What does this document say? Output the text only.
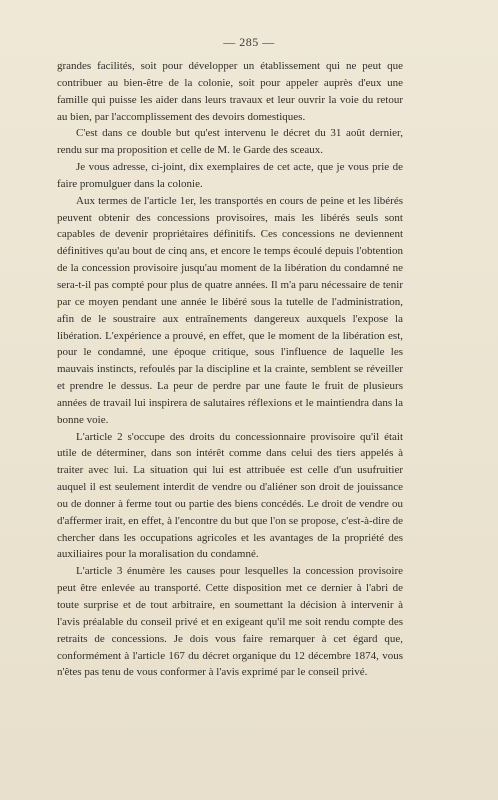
— 285 —

grandes facilités, soit pour développer un établissement qui ne peut que contribuer au bien-être de la colonie, soit pour appeler auprès d'eux une famille qui puisse les aider dans leurs travaux et leur ouvrir la voie du retour au bien, par l'accomplissement des devoirs domestiques.

C'est dans ce double but qu'est intervenu le décret du 31 août dernier, rendu sur ma proposition et celle de M. le Garde des sceaux.

Je vous adresse, ci-joint, dix exemplaires de cet acte, que je vous prie de faire promulguer dans la colonie.

Aux termes de l'article 1er, les transportés en cours de peine et les libérés peuvent obtenir des concessions provisoires, mais les libérés seuls sont capables de devenir propriétaires définitifs. Ces concessions ne deviennent définitives qu'au bout de cinq ans, et encore le temps écoulé depuis l'obtention de la concession provisoire jusqu'au moment de la libération du condamné ne sera-t-il pas compté pour plus de quatre années. Il m'a paru nécessaire de tenir par ce moyen pendant une année le libéré sous la tutelle de l'administration, afin de le soustraire aux entraînements dangereux auxquels l'expose la libération. L'expérience a prouvé, en effet, que le moment de la libération est, pour le condamné, une époque critique, sous l'influence de laquelle les mauvais instincts, refoulés par la discipline et la crainte, semblent se réveiller et prendre le dessus. La peur de perdre par une faute le fruit de plusieurs années de travail lui inspirera de salutaires réflexions et le maintiendra dans la bonne voie.

L'article 2 s'occupe des droits du concessionnaire provisoire qu'il était utile de déterminer, dans son intérêt comme dans celui des tiers appelés à traiter avec lui. La situation qui lui est attribuée est celle d'un usufruitier auquel il est seulement interdit de vendre ou d'aliéner son droit de jouissance ou de donner à ferme tout ou partie des biens concédés. Le droit de vendre ou d'affermer irait, en effet, à l'encontre du but que l'on se propose, c'est-à-dire de chercher dans les occupations agricoles et les avantages de la propriété des auxiliaires pour la moralisation du condamné.

L'article 3 énumère les causes pour lesquelles la concession provisoire peut être enlevée au transporté. Cette disposition met ce dernier à l'abri de toute surprise et de tout arbitraire, en soumettant la décision à intervenir à l'avis préalable du conseil privé et en exigeant qu'il me soit rendu compte des retraits de concessions. Je dois vous faire remarquer à cet égard que, conformément à l'article 167 du décret organique du 12 décembre 1874, vous n'êtes pas tenu de vous conformer à l'avis exprimé par le conseil privé.
